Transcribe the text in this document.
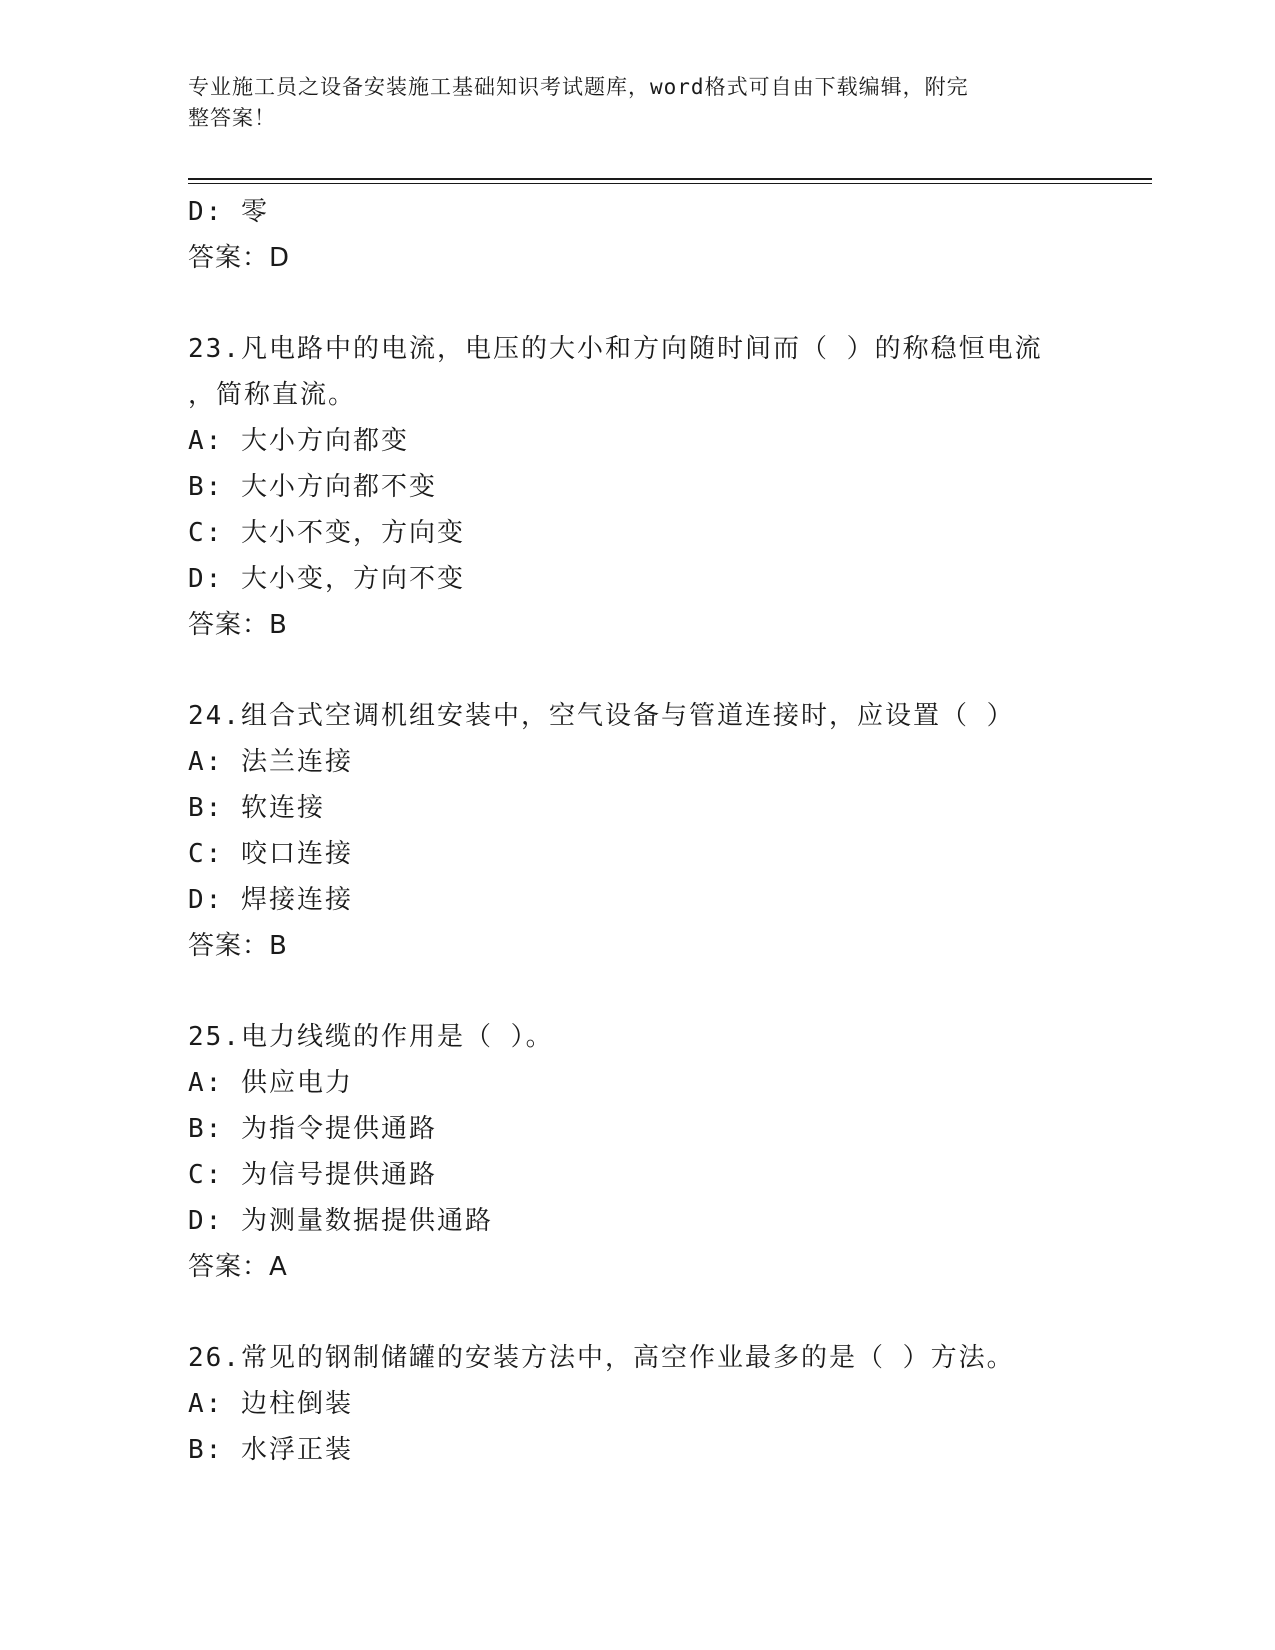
专业施工员之设备安装施工基础知识考试题库，word格式可自由下载编辑，附完
整答案！
D: 零
答案：D
23.凡电路中的电流，电压的大小和方向随时间而（ ）的称稳恒电流
，简称直流。
A: 大小方向都变
B: 大小方向都不变
C: 大小不变，方向变
D: 大小变，方向不变
答案：B
24.组合式空调机组安装中，空气设备与管道连接时，应设置（ ）
A: 法兰连接
B: 软连接
C: 咬口连接
D: 焊接连接
答案：B
25.电力线缆的作用是（ ）。
A: 供应电力
B: 为指令提供通路
C: 为信号提供通路
D: 为测量数据提供通路
答案：A
26.常见的钢制储罐的安装方法中，高空作业最多的是（ ）方法。
A: 边柱倒装
B: 水浮正装
